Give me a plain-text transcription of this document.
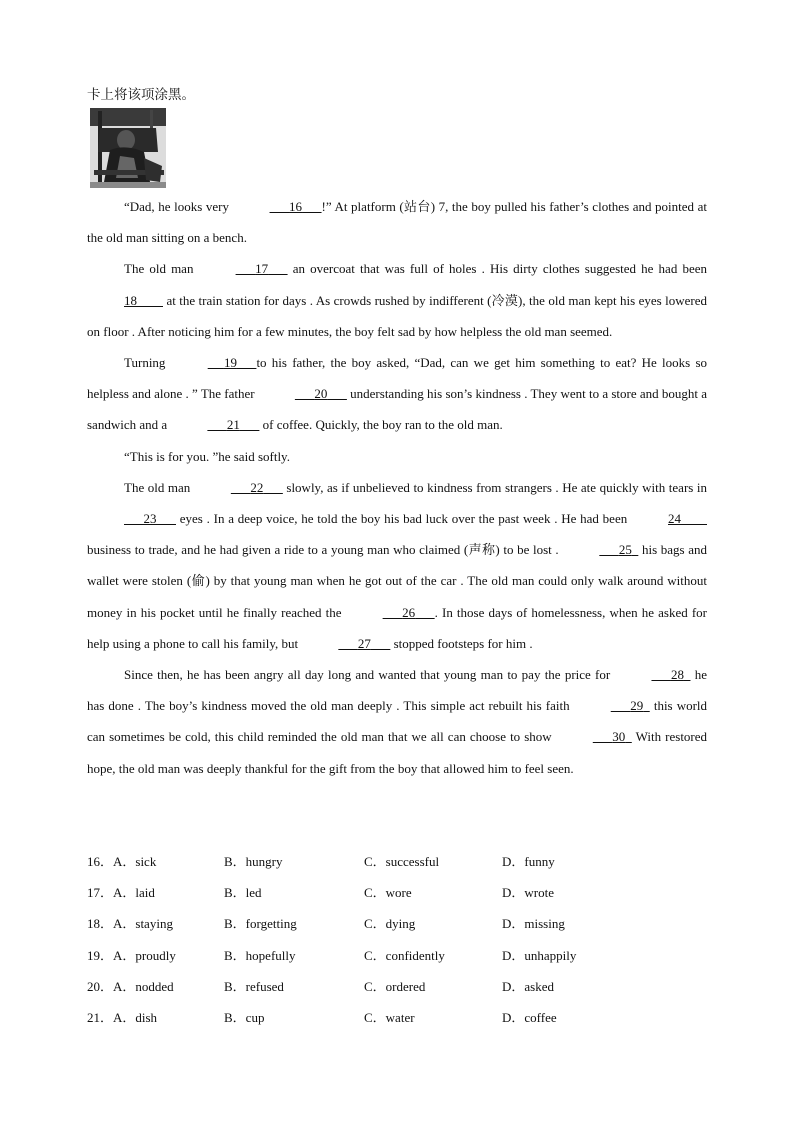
卡上将该项涂黑。

“Dad, he looks very	16 !” At platform (站台) 7, the boy pulled his father’s clothes and pointed at the old man sitting on a bench.

The old man	17 an overcoat that was full of holes . His dirty clothes suggested he had been 18 at the train station for days . As crowds rushed by indifferent (冷漠), the old man kept his eyes lowered on floor . After noticing him for a few minutes, the boy felt sad by how helpless the old man seemed.

Turning	19 to his father, the boy asked, “Dad, can we get him something to eat? He looks so helpless and alone . ” The father	20 understanding his son’s kindness . They went to a store and bought a sandwich and a	21 of coffee. Quickly, the boy ran to the old man.

“This is for you. ”he said softly.

The old man	22 slowly, as if unbelieved to kindness from strangers . He ate quickly with tears in       23 eyes . In a deep voice, he told the boy his bad luck over the past week . He had been	24         business to trade, and he had given a ride to a young man who claimed (声称) to be lost .	25 his bags and wallet were stolen (偷) by that young man when he got out of the car . The old man could only walk around without money in his pocket until he finally reached the	26 . In those days of homelessness, when he asked for help using a phone to call his family, but	27 stopped footsteps for him .

Since then, he has been angry all day long and wanted that young man to pay the price for	28 he has done . The boy’s kindness moved the old man deeply . This simple act rebuilt his faith	29 this world can sometimes be cold, this child reminded the old man that we all can choose to show	30 With restored hope, the old man was deeply thankful for the gift from the boy that allowed him to feel seen.

16．A．sick	B．hungry	C．successful	D．funny
17．A．laid	B．led	C．wore	D．wrote
18．A．staying	B．forgetting	C．dying	D．missing
19．A．proudly	B．hopefully	C．confidently	D．unhappily
20．A．nodded	B．refused	C．ordered	D．asked
21．A．dish	B．cup	C．water	D．coffee
